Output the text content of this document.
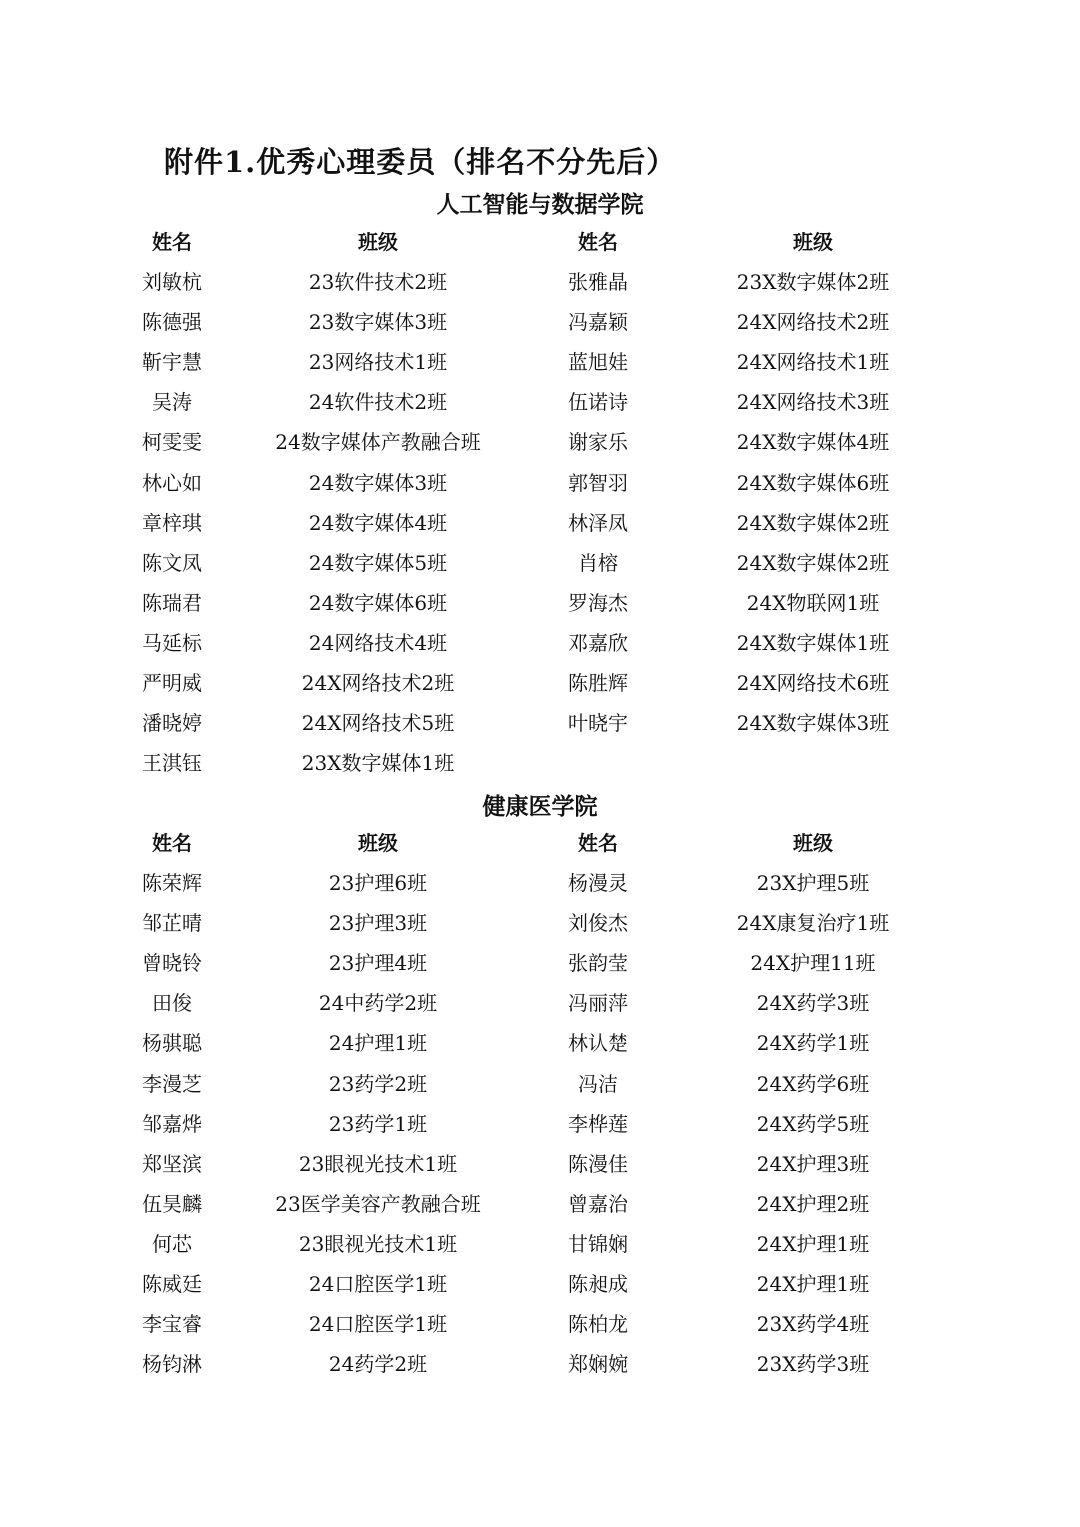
附件1.优秀心理委员（排名不分先后）
人工智能与数据学院
姓名	班级	姓名	班级
刘敏杭	23软件技术2班	张雅晶	23X数字媒体2班
陈德强	23数字媒体3班	冯嘉颖	24X网络技术2班
靳宇慧	23网络技术1班	蓝旭娃	24X网络技术1班
吴涛	24软件技术2班	伍诺诗	24X网络技术3班
柯雯雯	24数字媒体产教融合班	谢家乐	24X数字媒体4班
林心如	24数字媒体3班	郭智羽	24X数字媒体6班
章梓琪	24数字媒体4班	林泽凤	24X数字媒体2班
陈文凤	24数字媒体5班	肖榕	24X数字媒体2班
陈瑞君	24数字媒体6班	罗海杰	24X物联网1班
马延标	24网络技术4班	邓嘉欣	24X数字媒体1班
严明威	24X网络技术2班	陈胜辉	24X网络技术6班
潘晓婷	24X网络技术5班	叶晓宇	24X数字媒体3班
王淇钰	23X数字媒体1班
健康医学院
姓名	班级	姓名	班级
陈荣辉	23护理6班	杨漫灵	23X护理5班
邹芷晴	23护理3班	刘俊杰	24X康复治疗1班
曾晓铃	23护理4班	张韵莹	24X护理11班
田俊	24中药学2班	冯丽萍	24X药学3班
杨骐聪	24护理1班	林认楚	24X药学1班
李漫芝	23药学2班	冯洁	24X药学6班
邹嘉烨	23药学1班	李桦莲	24X药学5班
郑坚滨	23眼视光技术1班	陈漫佳	24X护理3班
伍昊麟	23医学美容产教融合班	曾嘉治	24X护理2班
何芯	23眼视光技术1班	甘锦娴	24X护理1班
陈威廷	24口腔医学1班	陈昶成	24X护理1班
李宝睿	24口腔医学1班	陈柏龙	23X药学4班
杨钧淋	24药学2班	郑娴婉	23X药学3班
